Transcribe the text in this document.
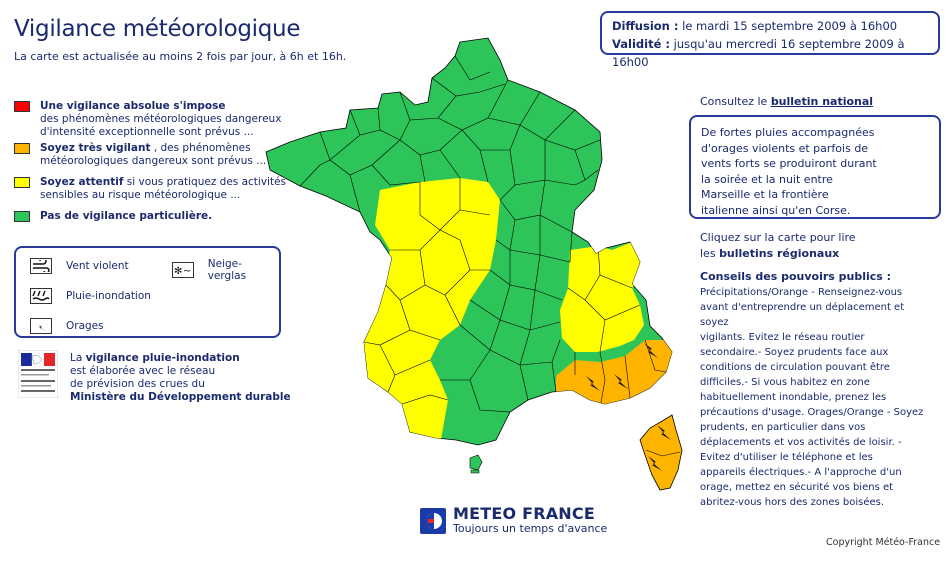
Vigilance météorologique
La carte est actualisée au moins 2 fois par jour, à 6h et 16h.
Diffusion : le mardi 15 septembre 2009 à 16h00
Validité : jusqu'au mercredi 16 septembre 2009 à 16h00
Une vigilance absolue s'impose
des phénomènes météorologiques dangereux d'intensité exceptionnelle sont prévus ...
Soyez très vigilant , des phénomènes météorologiques dangereux sont prévus ...
Soyez attentif si vous pratiquez des activités sensibles au risque météorologique ...
Pas de vigilance particulière.
Vent violent	✻ ~
Neige-verglas
Pluie-inondation
Orages
La vigilance pluie-inondation
est élaborée avec le réseau
de prévision des crues du
Ministère du Développement durable
Consultez le bulletin national
De fortes pluies accompagnées
d'orages violents et parfois de
vents forts se produiront durant
la soirée et la nuit entre
Marseille et la frontière
italienne ainsi qu'en Corse.
Cliquez sur la carte pour lire
les bulletins régionaux
Conseils des pouvoirs publics :
Précipitations/Orange - Renseignez-vous
avant d'entreprendre un déplacement et soyez
vigilants. Evitez le réseau routier
secondaire.- Soyez prudents face aux
conditions de circulation pouvant être
difficiles.- Si vous habitez en zone
habituellement inondable, prenez les
précautions d'usage. Orages/Orange - Soyez
prudents, en particulier dans vos
déplacements et vos activités de loisir. -
Evitez d'utiliser le téléphone et les
appareils électriques.- A l'approche d'un
orage, mettez en sécurité vos biens et
abritez-vous hors des zones boisées.
METEO FRANCE
Toujours un temps d'avance
Copyright Météo-France
